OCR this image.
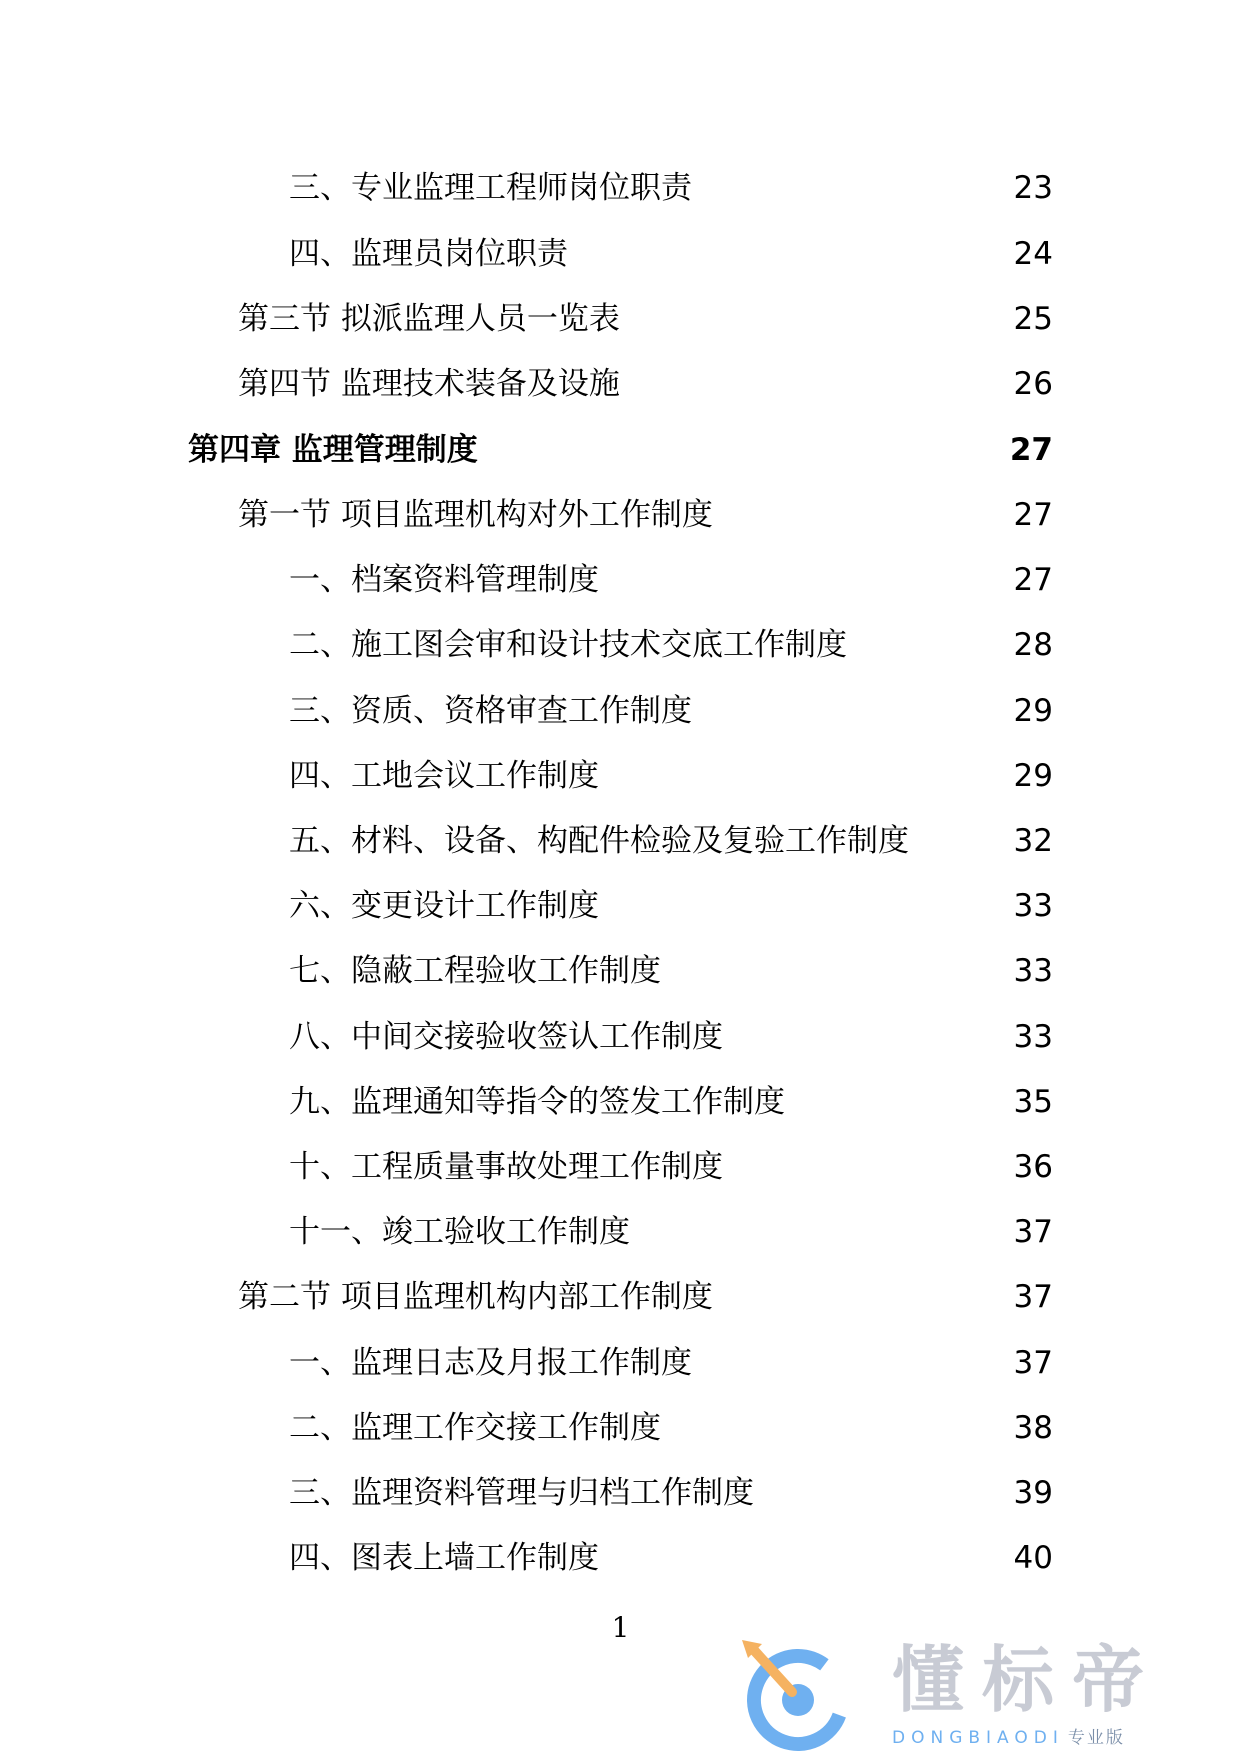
三、专业监理工程师岗位职责	23
四、监理员岗位职责	24
第三节 拟派监理人员一览表	25
第四节 监理技术装备及设施	26
第四章 监理管理制度	27
第一节 项目监理机构对外工作制度	27
一、档案资料管理制度	27
二、施工图会审和设计技术交底工作制度	28
三、资质、资格审查工作制度	29
四、工地会议工作制度	29
五、材料、设备、构配件检验及复验工作制度	32
六、变更设计工作制度	33
七、隐蔽工程验收工作制度	33
八、中间交接验收签认工作制度	33
九、监理通知等指令的签发工作制度	35
十、工程质量事故处理工作制度	36
十一、竣工验收工作制度	37
第二节 项目监理机构内部工作制度	37
一、监理日志及月报工作制度	37
二、监理工作交接工作制度	38
三、监理资料管理与归档工作制度	39
四、图表上墙工作制度	40
1
懂标帝
DONGBIAODI 专业版
